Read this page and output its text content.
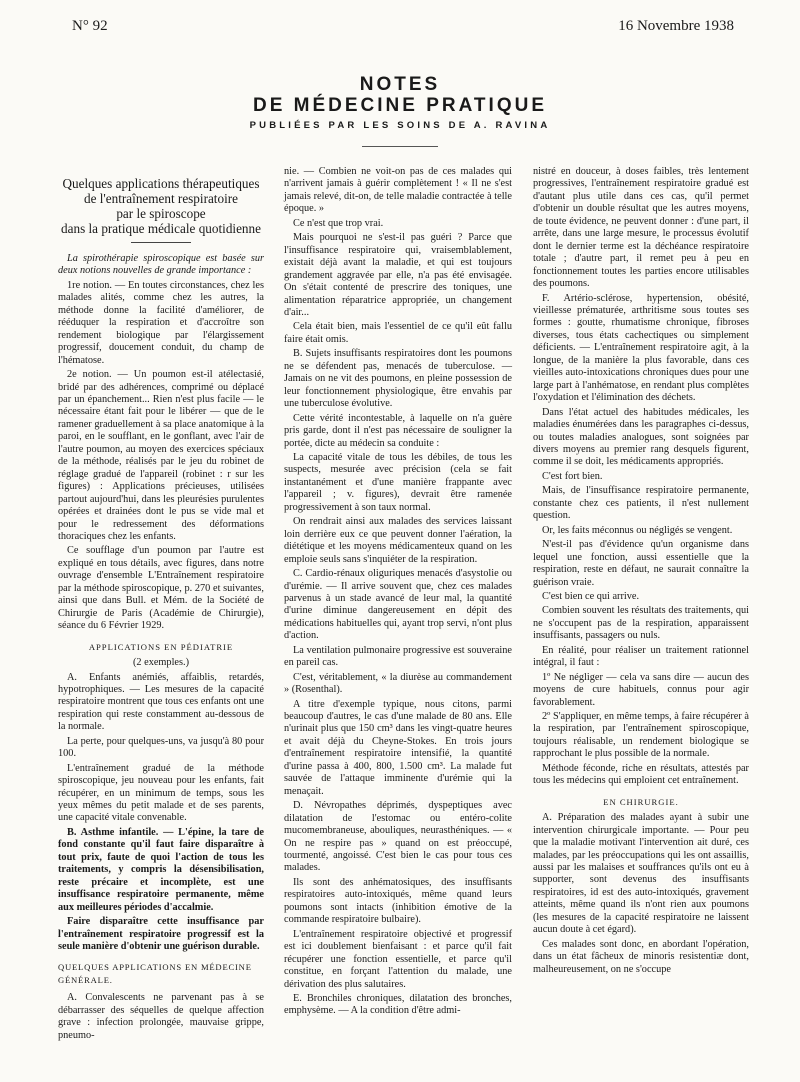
N° 92	16 Novembre 1938
NOTES
DE MÉDECINE PRATIQUE
PUBLIÉES PAR LES SOINS DE A. RAVINA
Quelques applications thérapeutiques
de l'entraînement respiratoire
par le spiroscope
dans la pratique médicale quotidienne

La spirothérapie spiroscopique est basée sur deux notions nouvelles de grande importance :

1re notion. — En toutes circonstances, chez les malades alités, comme chez les autres, la méthode donne la facilité d'améliorer, de rééduquer la respiration et d'accroître son rendement biologique par l'élargissement progressif, doucement conduit, du champ de l'hématose.

2e notion. — Un poumon est-il atélectasié, bridé par des adhérences, comprimé ou déplacé par un épanchement... Rien n'est plus facile — le nécessaire étant fait pour le libérer — que de le ramener graduellement à sa place anatomique à la paroi, en le soufflant, en le gonflant, avec l'air de l'autre poumon, au moyen des exercices spéciaux de la méthode, réalisés par le jeu du robinet de réglage gradué de l'appareil (robinet : r sur les figures) : Applications précieuses, utilisées partout aujourd'hui, dans les pleurésies purulentes opérées et drainées dont le pus se vide mal et pour le redressement des déformations thoraciques chez les enfants.

Ce soufflage d'un poumon par l'autre est expliqué en tous détails, avec figures, dans notre ouvrage d'ensemble L'Entraînement respiratoire par la méthode spiroscopique, p. 270 et suivantes, ainsi que dans Bull. et Mém. de la Société de Chirurgie de Paris (Académie de Chirurgie), séance du 6 Février 1929.

APPLICATIONS EN PÉDIATRIE

(2 exemples.)

A. Enfants anémiés, affaiblis, retardés, hypotrophiques. — Les mesures de la capacité respiratoire montrent que tous ces enfants ont une respiration qui reste constamment au-dessous de la normale.

La perte, pour quelques-uns, va jusqu'à 80 pour 100.

L'entraînement gradué de la méthode spiroscopique, jeu nouveau pour les enfants, fait récupérer, en un minimum de temps, sous les yeux mêmes du petit malade et de ses parents, une capacité vitale convenable.

B. Asthme infantile. — L'épine, la tare de fond constante qu'il faut faire disparaître à tout prix, faute de quoi l'action de tous les traitements, y compris la désensibilisation, reste précaire et incomplète, est une insuffisance respiratoire permanente, même aux meilleures périodes d'accalmie.

Faire disparaître cette insuffisance par l'entraînement respiratoire progressif est la seule manière d'obtenir une guérison durable.

QUELQUES APPLICATIONS EN MÉDECINE GÉNÉRALE.

A. Convalescents ne parvenant pas à se débarrasser des séquelles de quelque affection grave : infection prolongée, mauvaise grippe, pneumo-

nie. — Combien ne voit-on pas de ces malades qui n'arrivent jamais à guérir complètement ! « Il ne s'est jamais relevé, dit-on, de telle maladie contractée à telle époque. »

Ce n'est que trop vrai.

Mais pourquoi ne s'est-il pas guéri ? Parce que l'insuffisance respiratoire qui, vraisemblablement, existait déjà avant la maladie, et qui est toujours grandement aggravée par elle, n'a pas été envisagée. On s'était contenté de prescrire des toniques, une alimentation réparatrice appropriée, un changement d'air...

Cela était bien, mais l'essentiel de ce qu'il eût fallu faire était omis.

B. Sujets insuffisants respiratoires dont les poumons ne se défendent pas, menacés de tuberculose. — Jamais on ne vit des poumons, en pleine possession de leur fonctionnement physiologique, être envahis par une tuberculose évolutive.

Cette vérité incontestable, à laquelle on n'a guère pris garde, dont il n'est pas nécessaire de souligner la portée, dicte au médecin sa conduite :

La capacité vitale de tous les débiles, de tous les suspects, mesurée avec précision (cela se fait instantanément et d'une manière frappante avec l'appareil ; v. figures), devrait être ramenée progressivement à son taux normal.

On rendrait ainsi aux malades des services laissant loin derrière eux ce que peuvent donner l'aération, la diététique et les moyens médicamenteux quand on les emploie seuls sans s'inquiéter de la respiration.

C. Cardio-rénaux oliguriques menacés d'asystolie ou d'urémie. — Il arrive souvent que, chez ces malades parvenus à un stade avancé de leur mal, la quantité d'urine diminue dangereusement en dépit des médications habituelles qui, ayant trop servi, n'ont plus d'action.

La ventilation pulmonaire progressive est souveraine en pareil cas.

C'est, véritablement, « la diurèse au commandement » (Rosenthal).

A titre d'exemple typique, nous citons, parmi beaucoup d'autres, le cas d'une malade de 80 ans. Elle n'urinait plus que 150 cm³ dans les vingt-quatre heures et avait déjà du Cheyne-Stokes. En trois jours d'entraînement respiratoire intensifié, la quantité d'urine passa à 400, 800, 1.500 cm³. La malade fut sauvée de l'attaque imminente d'urémie qui la menaçait.

D. Névropathes déprimés, dyspeptiques avec dilatation de l'estomac ou entéro-colite mucomembraneuse, abouliques, neurasthéniques. — « On ne respire pas » quand on est préoccupé, tourmenté, angoissé. C'est bien le cas pour tous ces malades.

Ils sont des anhématosiques, des insuffisants respiratoires auto-intoxiqués, même quand leurs poumons sont intacts (inhibition émotive de la commande respiratoire bulbaire).

L'entraînement respiratoire objectivé et progressif est ici doublement bienfaisant : et parce qu'il fait récupérer une fonction essentielle, et parce qu'il constitue, en forçant l'attention du malade, une dérivation des plus salutaires.

E. Bronchiles chroniques, dilatation des bronches, emphysème. — A la condition d'être admi-

nistré en douceur, à doses faibles, très lentement progressives, l'entraînement respiratoire gradué est d'autant plus utile dans ces cas, qu'il permet d'obtenir un double résultat que les autres moyens, de toute évidence, ne peuvent donner : d'une part, il arrête, dans une large mesure, le processus évolutif dont le dernier terme est la déchéance respiratoire totale ; d'autre part, il remet peu à peu en fonctionnement toutes les parties encore utilisables des poumons.

F. Artério-sclérose, hypertension, obésité, vieillesse prématurée, arthritisme sous toutes ses formes : goutte, rhumatisme chronique, fibroses diverses, tous états cachectiques ou simplement déficients. — L'entraînement respiratoire agit, à la longue, de la manière la plus favorable, dans ces vieilles auto-intoxications chroniques dues pour une large part à l'anhématose, en rendant plus complètes l'oxydation et l'élimination des déchets.

Dans l'état actuel des habitudes médicales, les maladies énumérées dans les paragraphes ci-dessus, ou toutes maladies analogues, sont soignées par divers moyens au premier rang desquels figurent, comme il se doit, les médicaments appropriés.

C'est fort bien.

Mais, de l'insuffisance respiratoire permanente, constante chez ces patients, il n'est nullement question.

Or, les faits méconnus ou négligés se vengent.

N'est-il pas d'évidence qu'un organisme dans lequel une fonction, aussi essentielle que la respiration, reste en défaut, ne saurait connaître la guérison vraie.

C'est bien ce qui arrive.

Combien souvent les résultats des traitements, qui ne s'occupent pas de la respiration, apparaissent insuffisants, passagers ou nuls.

En réalité, pour réaliser un traitement rationnel intégral, il faut :

1º Ne négliger — cela va sans dire — aucun des moyens de cure habituels, connus pour agir favorablement.

2º S'appliquer, en même temps, à faire récupérer à la respiration, par l'entraînement spiroscopique, toujours réalisable, un rendement biologique se rapprochant le plus possible de la normale.

Méthode féconde, riche en résultats, attestés par tous les médecins qui emploient cet entraînement.

EN CHIRURGIE.

A. Préparation des malades ayant à subir une intervention chirurgicale importante. — Pour peu que la maladie motivant l'intervention ait duré, ces malades, par les préoccupations qui les ont assaillis, aussi par les malaises et souffrances qu'ils ont eu à supporter, sont devenus des insuffisants respiratoires, id est des auto-intoxiqués, gravement atteints, même quand ils n'ont rien aux poumons (les mesures de la capacité respiratoire ne laissent aucun doute à cet égard).

Ces malades sont donc, en abordant l'opération, dans un état fâcheux de minoris resistentiæ dont, malheureusement, on ne s'occupe
